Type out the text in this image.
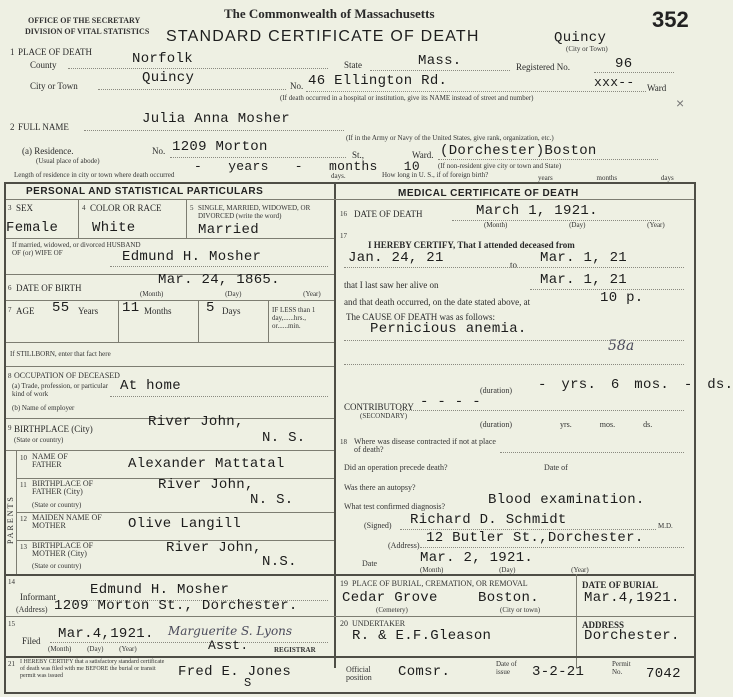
OFFICE OF THE SECRETARY
DIVISION OF VITAL STATISTICS
The Commonwealth of Massachusetts
STANDARD CERTIFICATE OF DEATH
352
Quincy
(City or Town)
1 PLACE OF DEATH
County	Norfolk	State	Mass.	Registered No.	96
City or Town	Quincy	No. 46 Ellington Rd.	xxx-- Ward
(If death occurred in a hospital or institution, give its NAME instead of street and number)	×
2 FULL NAME	Julia Anna Mosher
(If in the Army or Navy of the United States, give rank, organization, etc.)
(a) Residence.	No. 1209 Morton	St.,	Ward. (Dorchester)Boston
(Usual place of abode)
(If non-resident give city or town and State)
Length of residence in city or town where death occurred
- years - months 10
days.	How long in U. S., if of foreign birth?	years months days
PERSONAL AND STATISTICAL PARTICULARS
3 SEX
Female
4 COLOR OR RACE
White
5 SINGLE, MARRIED, WIDOWED, OR DIVORCED (write the word)
Married
If married, widowed, or divorced HUSBAND OF (or) WIFE OF	Edmund H. Mosher
6 DATE OF BIRTH	Mar. 24, 1865.
(Month) (Day) (Year)
7 AGE 55 Years 11 Months 5 Days	IF LESS than 1 day,......hrs., or......min.
If STILLBORN, enter that fact here
8 OCCUPATION OF DECEASED
(a) Trade, profession, or particular kind of work	At home
(b) Name of employer
9 BIRTHPLACE (City)
(State or country)
River John,
N. S.
PARENTS
10 NAME OF FATHER	Alexander Mattatal
11 BIRTHPLACE OF FATHER (City)
(State or country)
River John,
N. S.
12 MAIDEN NAME OF MOTHER	Olive Langill
13 BIRTHPLACE OF MOTHER (City)
(State or country)
River John,
N.S.
MEDICAL CERTIFICATE OF DEATH
16 DATE OF DEATH	March 1, 1921.
(Month) (Day) (Year)
17
I HEREBY CERTIFY, That I attended deceased from
Jan. 24, 21	to Mar. 1, 21
that I last saw her alive on	Mar. 1, 21
and that death occurred, on the date stated above, at	10 p.
The CAUSE OF DEATH was as follows:
Pernicious anemia.
58a
(duration) - yrs. 6 mos. - ds.
CONTRIBUTORY
(SECONDARY)
- - - -
(duration)	yrs. mos. ds.
18 Where was disease contracted if not at place of death?
Did an operation precede death?	Date of
Was there an autopsy?
What test confirmed diagnosis?	Blood examination.
(Signed) Richard D. Schmidt	M.D.
(Address) 12 Butler St.,Dorchester.
Date	Mar. 2, 1921.
(Month) (Day) (Year)
14
Informant Edmund H. Mosher
(Address) 1209 Morton St., Dorchester.
15
Filed Mar.4,1921. Marguerite S. Lyons
(Month) (Day) (Year)	Asst.	REGISTRAR
19 PLACE OF BURIAL, CREMATION, OR REMOVAL
Cedar Grove	Boston.
(Cemetery)	(City or town)
DATE OF BURIAL
Mar.4,1921.
20 UNDERTAKER
R. & E.F.Gleason
ADDRESS
Dorchester.
21 I HEREBY CERTIFY that a satisfactory standard certificate of death was filed with me BEFORE the burial or transit permit was issued	Fred E. Jones
S
Official position	Comsr.	Date of issue	3-2-21	Permit No.	7042
